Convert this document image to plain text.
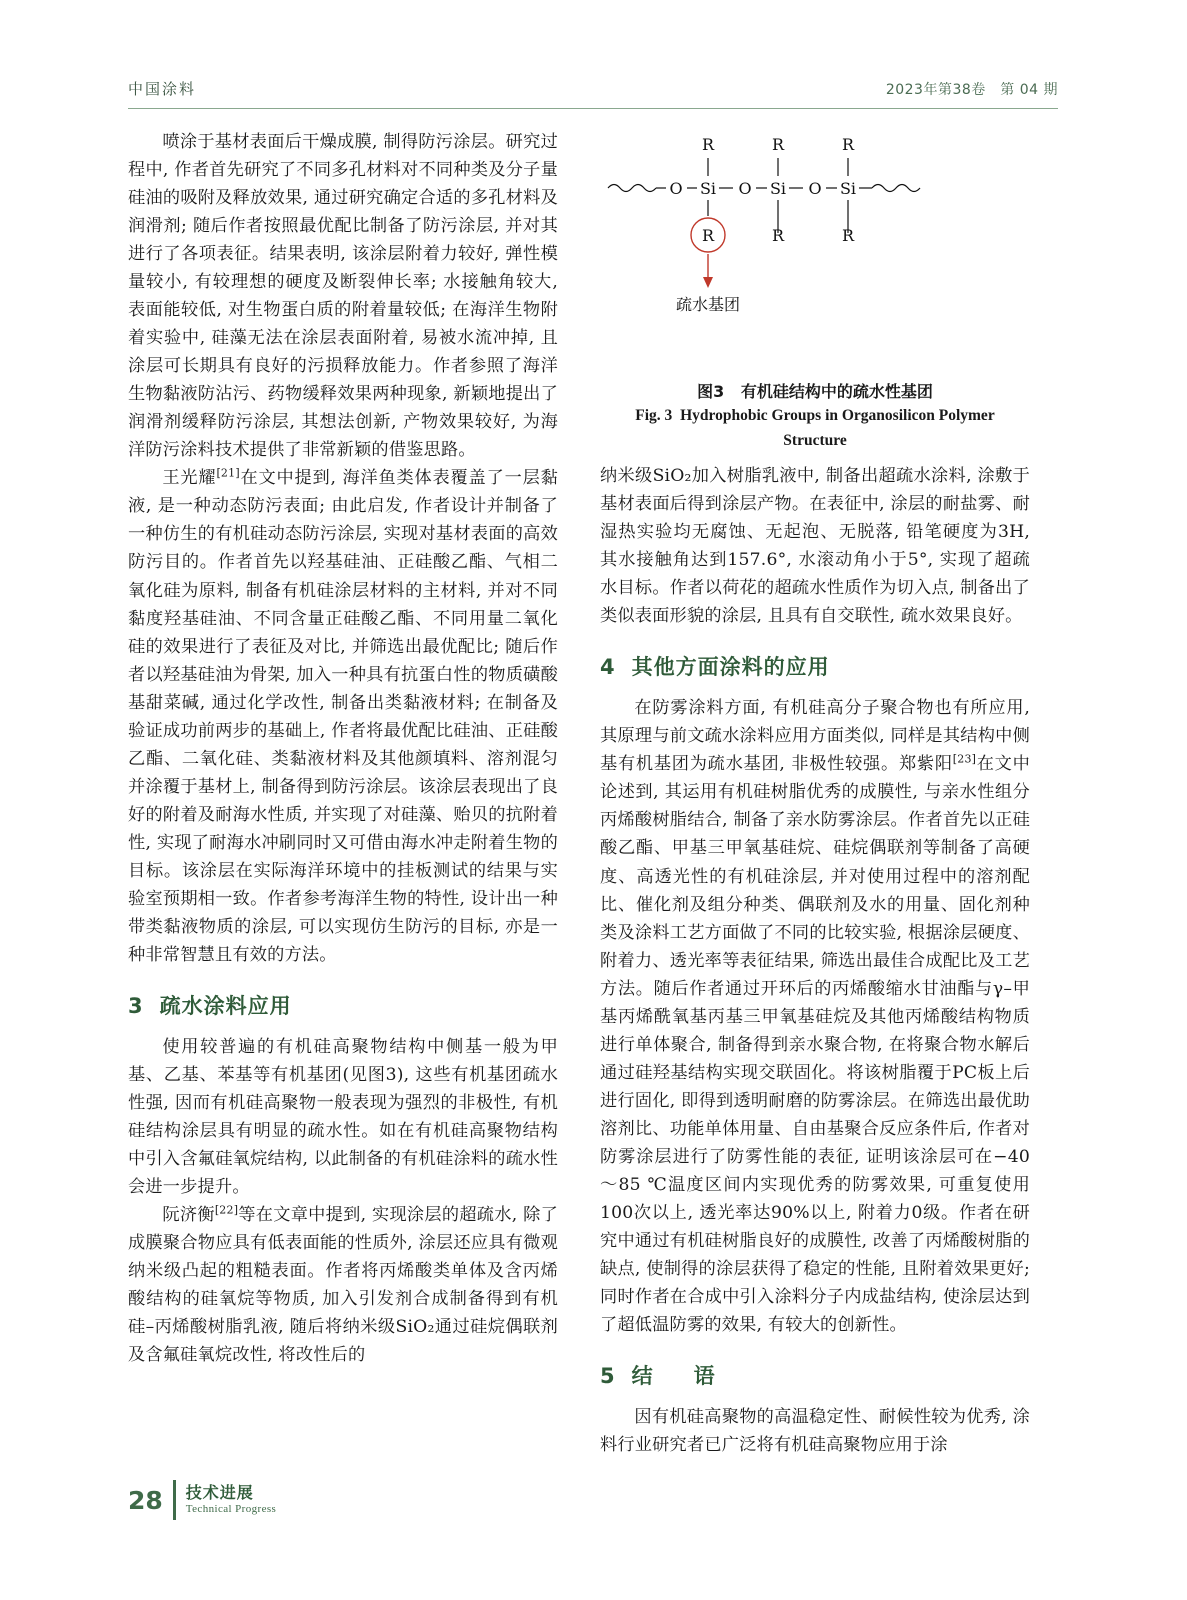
中国涂料	2023年第38卷　第 04 期

喷涂于基材表面后干燥成膜, 制得防污涂层。研究过程中, 作者首先研究了不同多孔材料对不同种类及分子量硅油的吸附及释放效果, 通过研究确定合适的多孔材料及润滑剂; 随后作者按照最优配比制备了防污涂层, 并对其进行了各项表征。结果表明, 该涂层附着力较好, 弹性模量较小, 有较理想的硬度及断裂伸长率; 水接触角较大, 表面能较低, 对生物蛋白质的附着量较低; 在海洋生物附着实验中, 硅藻无法在涂层表面附着, 易被水流冲掉, 且涂层可长期具有良好的污损释放能力。作者参照了海洋生物黏液防沾污、药物缓释效果两种现象, 新颖地提出了润滑剂缓释防污涂层, 其想法创新, 产物效果较好, 为海洋防污涂料技术提供了非常新颖的借鉴思路。

王光耀[21]在文中提到, 海洋鱼类体表覆盖了一层黏液, 是一种动态防污表面; 由此启发, 作者设计并制备了一种仿生的有机硅动态防污涂层, 实现对基材表面的高效防污目的。作者首先以羟基硅油、正硅酸乙酯、气相二氧化硅为原料, 制备有机硅涂层材料的主材料, 并对不同黏度羟基硅油、不同含量正硅酸乙酯、不同用量二氧化硅的效果进行了表征及对比, 并筛选出最优配比; 随后作者以羟基硅油为骨架, 加入一种具有抗蛋白性的物质磺酸基甜菜碱, 通过化学改性, 制备出类黏液材料; 在制备及验证成功前两步的基础上, 作者将最优配比硅油、正硅酸乙酯、二氧化硅、类黏液材料及其他颜填料、溶剂混匀并涂覆于基材上, 制备得到防污涂层。该涂层表现出了良好的附着及耐海水性质, 并实现了对硅藻、贻贝的抗附着性, 实现了耐海水冲刷同时又可借由海水冲走附着生物的目标。该涂层在实际海洋环境中的挂板测试的结果与实验室预期相一致。作者参考海洋生物的特性, 设计出一种带类黏液物质的涂层, 可以实现仿生防污的目标, 亦是一种非常智慧且有效的方法。

3 疏水涂料应用

使用较普遍的有机硅高聚物结构中侧基一般为甲基、乙基、苯基等有机基团(见图3), 这些有机基团疏水性强, 因而有机硅高聚物一般表现为强烈的非极性, 有机硅结构涂层具有明显的疏水性。如在有机硅高聚物结构中引入含氟硅氧烷结构, 以此制备的有机硅涂料的疏水性会进一步提升。

阮济衡[22]等在文章中提到, 实现涂层的超疏水, 除了成膜聚合物应具有低表面能的性质外, 涂层还应具有微观纳米级凸起的粗糙表面。作者将丙烯酸类单体及含丙烯酸结构的硅氧烷等物质, 加入引发剂合成制备得到有机硅–丙烯酸树脂乳液, 随后将纳米级SiO₂通过硅烷偶联剂及含氟硅氧烷改性, 将改性后的

R	R	R
O Si O Si O Si
R	R	R
疏水基团
图3 有机硅结构中的疏水性基团
Fig. 3 Hydrophobic Groups in Organosilicon Polymer
Structure

纳米级SiO₂加入树脂乳液中, 制备出超疏水涂料, 涂敷于基材表面后得到涂层产物。在表征中, 涂层的耐盐雾、耐湿热实验均无腐蚀、无起泡、无脱落, 铅笔硬度为3H, 其水接触角达到157.6°, 水滚动角小于5°, 实现了超疏水目标。作者以荷花的超疏水性质作为切入点, 制备出了类似表面形貌的涂层, 且具有自交联性, 疏水效果良好。

4 其他方面涂料的应用

在防雾涂料方面, 有机硅高分子聚合物也有所应用, 其原理与前文疏水涂料应用方面类似, 同样是其结构中侧基有机基团为疏水基团, 非极性较强。郑紫阳[23]在文中论述到, 其运用有机硅树脂优秀的成膜性, 与亲水性组分丙烯酸树脂结合, 制备了亲水防雾涂层。作者首先以正硅酸乙酯、甲基三甲氧基硅烷、硅烷偶联剂等制备了高硬度、高透光性的有机硅涂层, 并对使用过程中的溶剂配比、催化剂及组分种类、偶联剂及水的用量、固化剂种类及涂料工艺方面做了不同的比较实验, 根据涂层硬度、附着力、透光率等表征结果, 筛选出最佳合成配比及工艺方法。随后作者通过开环后的丙烯酸缩水甘油酯与γ–甲基丙烯酰氧基丙基三甲氧基硅烷及其他丙烯酸结构物质进行单体聚合, 制备得到亲水聚合物, 在将聚合物水解后通过硅羟基结构实现交联固化。将该树脂覆于PC板上后进行固化, 即得到透明耐磨的防雾涂层。在筛选出最优助溶剂比、功能单体用量、自由基聚合反应条件后, 作者对防雾涂层进行了防雾性能的表征, 证明该涂层可在−40～85 ℃温度区间内实现优秀的防雾效果, 可重复使用100次以上, 透光率达90%以上, 附着力0级。作者在研究中通过有机硅树脂良好的成膜性, 改善了丙烯酸树脂的缺点, 使制得的涂层获得了稳定的性能, 且附着效果更好; 同时作者在合成中引入涂料分子内成盐结构, 使涂层达到了超低温防雾的效果, 有较大的创新性。

5 结　语

因有机硅高聚物的高温稳定性、耐候性较为优秀, 涂料行业研究者已广泛将有机硅高聚物应用于涂

28 技术进展
Technical Progress
